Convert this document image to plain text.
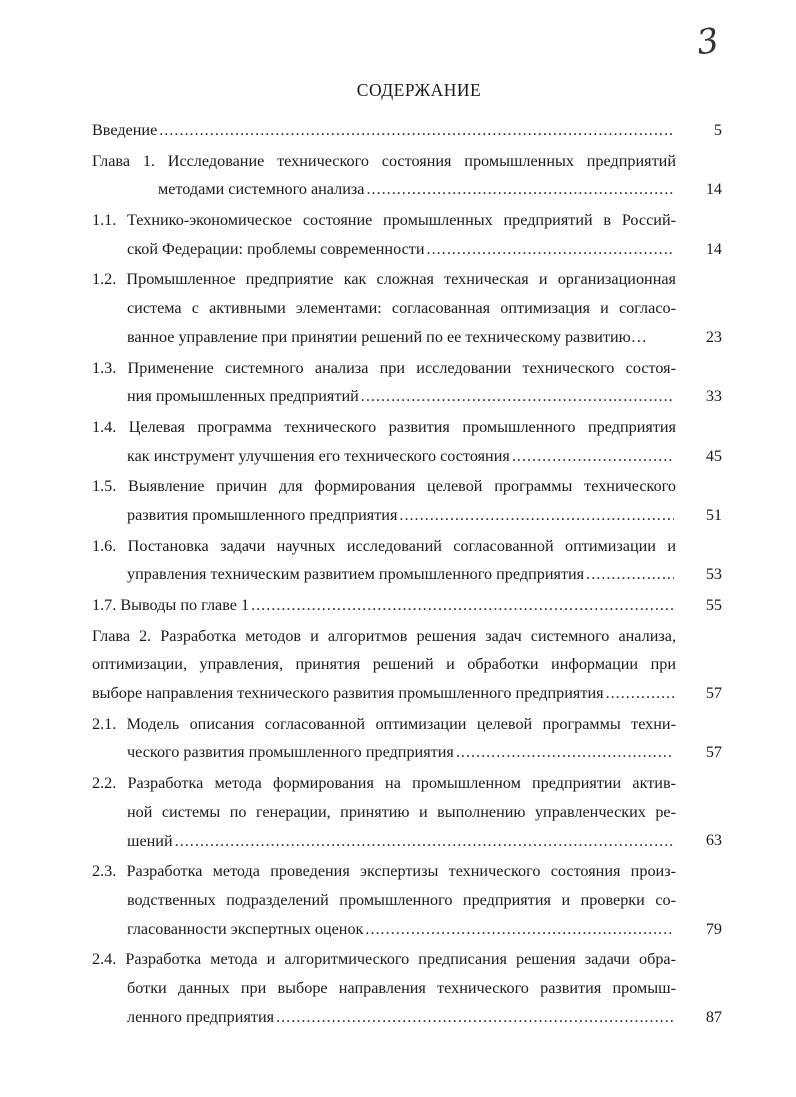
3
СОДЕРЖАНИЕ
Введение .....	5
Глава 1. Исследование технического состояния промышленных предприятий
методами системного анализа .....	14
1.1. Технико-экономическое состояние промышленных предприятий в Россий-
ской Федерации: проблемы современности .....	14
1.2. Промышленное предприятие как сложная техническая и организационная
система с активными элементами: согласованная оптимизация и согласо-
ванное управление при принятии решений по ее техническому развитию…	23
1.3. Применение системного анализа при исследовании технического состоя-
ния промышленных предприятий .....	33
1.4. Целевая программа технического развития промышленного предприятия
как инструмент улучшения его технического состояния .....	45
1.5. Выявление причин для формирования целевой программы технического
развития промышленного предприятия .....	51
1.6. Постановка задачи научных исследований согласованной оптимизации и
управления техническим развитием промышленного предприятия .....	53
1.7. Выводы по главе 1 .....	55
Глава 2. Разработка методов и алгоритмов решения задач системного анализа,
оптимизации, управления, принятия решений и обработки информации при
выборе направления технического развития промышленного предприятия .....	57
2.1. Модель описания согласованной оптимизации целевой программы техни-
ческого развития промышленного предприятия .....	57
2.2. Разработка метода формирования на промышленном предприятии актив-
ной системы по генерации, принятию и выполнению управленческих ре-
шений .....	63
2.3. Разработка метода проведения экспертизы технического состояния произ-
водственных подразделений промышленного предприятия и проверки со-
гласованности экспертных оценок .....	79
2.4. Разработка метода и алгоритмического предписания решения задачи обра-
ботки данных при выборе направления технического развития промыш-
ленного предприятия .....	87
